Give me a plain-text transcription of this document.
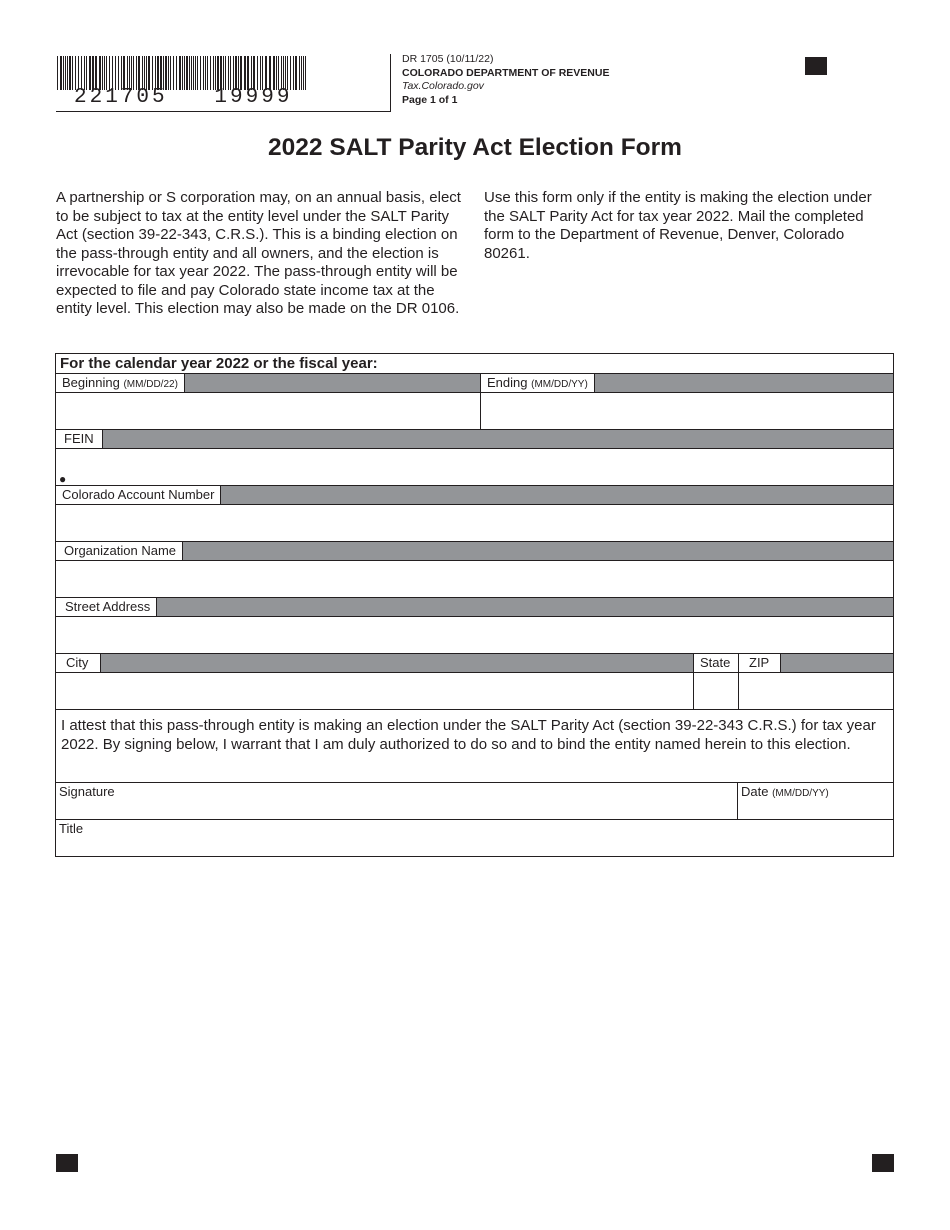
221705   19999
DR 1705 (10/11/22)
COLORADO DEPARTMENT OF REVENUE
Tax.Colorado.gov
Page 1 of 1
2022 SALT Parity Act Election Form
A partnership or S corporation may, on an annual basis, elect to be subject to tax at the entity level under the SALT Parity Act (section 39-22-343, C.R.S.). This is a binding election on the pass-through entity and all owners, and the election is irrevocable for tax year 2022. The pass-through entity will be expected to file and pay Colorado state income tax at the entity level. This election may also be made on the DR 0106.
Use this form only if the entity is making the election under the SALT Parity Act for tax year 2022. Mail the completed form to the Department of Revenue, Denver, Colorado 80261.
For the calendar year 2022 or the fiscal year:
Beginning (MM/DD/22)	Ending (MM/DD/YY)
FEIN
●
Colorado Account Number
Organization Name
Street Address
City	State	ZIP
I attest that this pass-through entity is making an election under the SALT Parity Act (section 39-22-343 C.R.S.) for tax year 2022. By signing below, I warrant that I am duly authorized to do so and to bind the entity named herein to this election.
Signature	Date (MM/DD/YY)
Title
